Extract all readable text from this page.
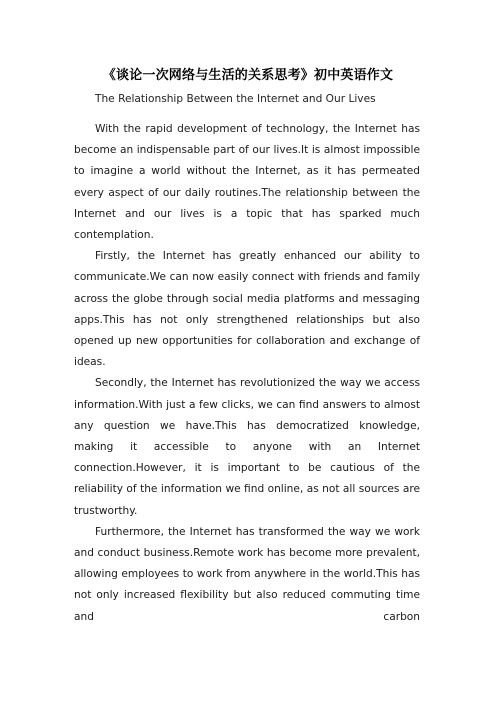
《谈论一次网络与生活的关系思考》初中英语作文
The Relationship Between the Internet and Our Lives

With the rapid development of technology, the Internet has become an indispensable part of our lives.It is almost impossible to imagine a world without the Internet, as it has permeated every aspect of our daily routines.The relationship between the Internet and our lives is a topic that has sparked much contemplation.

Firstly, the Internet has greatly enhanced our ability to communicate.We can now easily connect with friends and family across the globe through social media platforms and messaging apps.This has not only strengthened relationships but also opened up new opportunities for collaboration and exchange of ideas.

Secondly, the Internet has revolutionized the way we access information.With just a few clicks, we can find answers to almost any question we have.This has democratized knowledge, making it accessible to anyone with an Internet connection.However, it is important to be cautious of the reliability of the information we find online, as not all sources are trustworthy.

Furthermore, the Internet has transformed the way we work and conduct business.Remote work has become more prevalent, allowing employees to work from anywhere in the world.This has not only increased flexibility but also reduced commuting time and carbon
